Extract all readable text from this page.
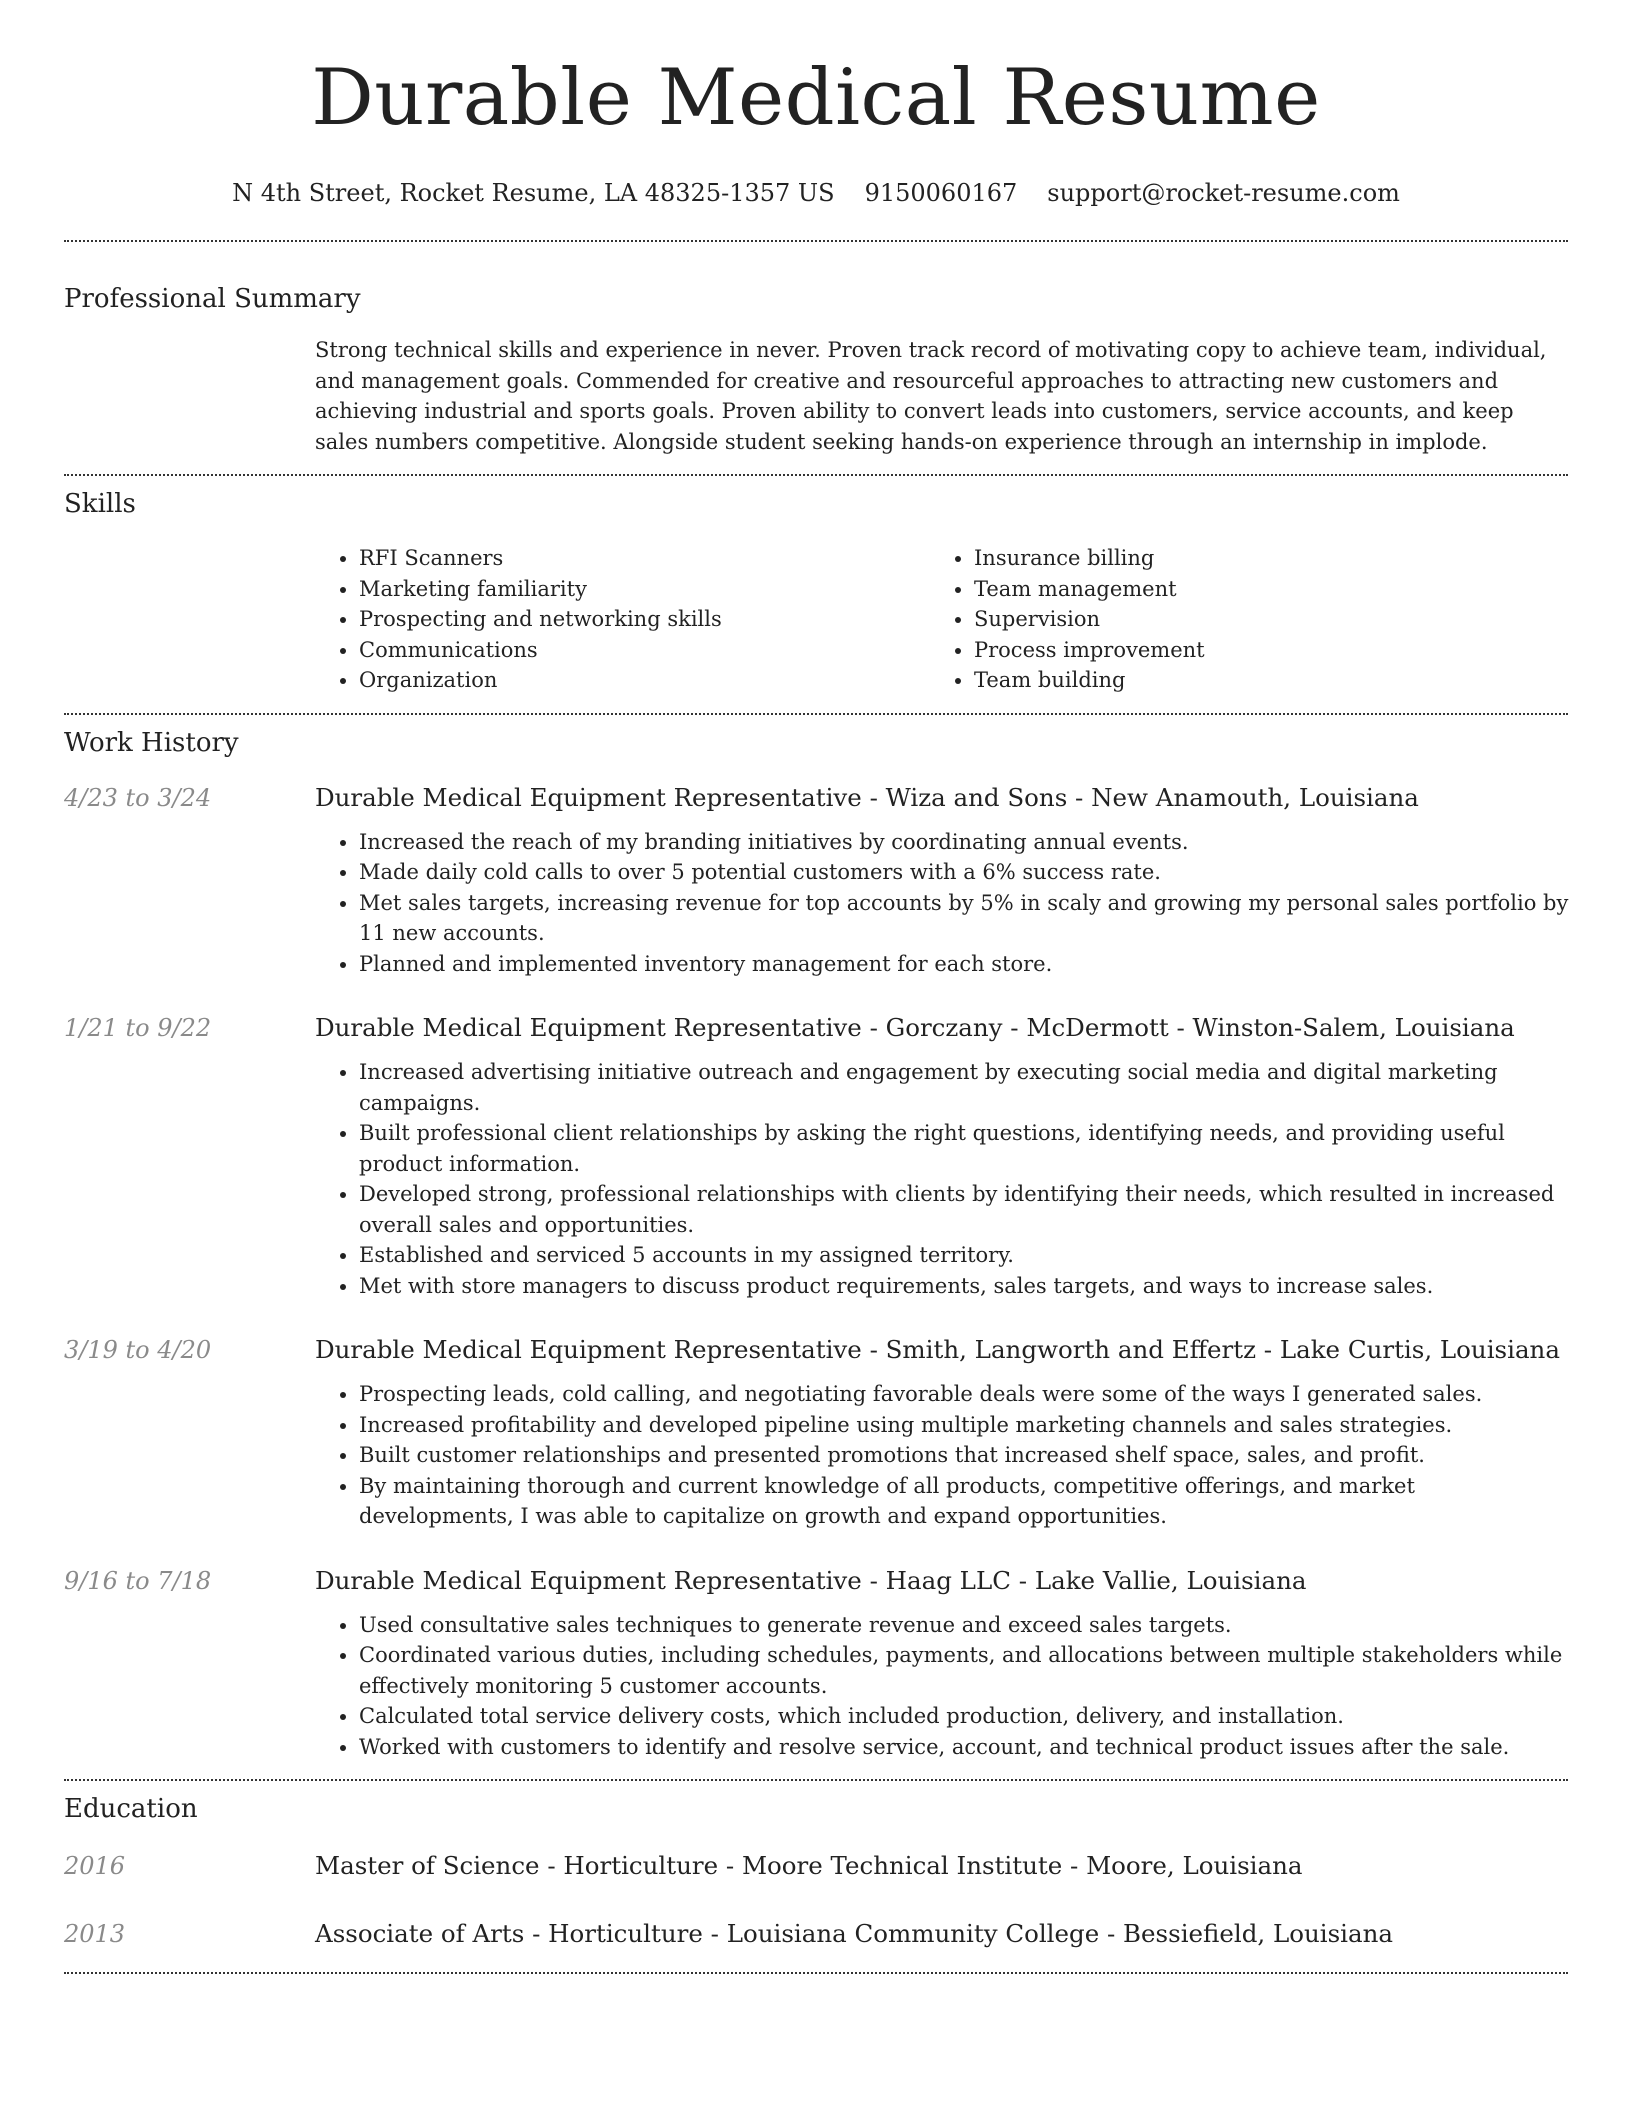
Durable Medical Resume
N 4th Street, Rocket Resume, LA 48325-1357 US 9150060167 support@rocket-resume.com
Professional Summary
Strong technical skills and experience in never. Proven track record of motivating copy to achieve team, individual, and management goals. Commended for creative and resourceful approaches to attracting new customers and achieving industrial and sports goals. Proven ability to convert leads into customers, service accounts, and keep sales numbers competitive. Alongside student seeking hands-on experience through an internship in implode.
Skills
• RFI Scanners
• Marketing familiarity
• Prospecting and networking skills
• Communications
• Organization
• Insurance billing
• Team management
• Supervision
• Process improvement
• Team building
Work History
4/23 to 3/24	Durable Medical Equipment Representative - Wiza and Sons - New Anamouth, Louisiana
• Increased the reach of my branding initiatives by coordinating annual events.
• Made daily cold calls to over 5 potential customers with a 6% success rate.
• Met sales targets, increasing revenue for top accounts by 5% in scaly and growing my personal sales portfolio by 11 new accounts.
• Planned and implemented inventory management for each store.
1/21 to 9/22	Durable Medical Equipment Representative - Gorczany - McDermott - Winston-Salem, Louisiana
• Increased advertising initiative outreach and engagement by executing social media and digital marketing campaigns.
• Built professional client relationships by asking the right questions, identifying needs, and providing useful product information.
• Developed strong, professional relationships with clients by identifying their needs, which resulted in increased overall sales and opportunities.
• Established and serviced 5 accounts in my assigned territory.
• Met with store managers to discuss product requirements, sales targets, and ways to increase sales.
3/19 to 4/20	Durable Medical Equipment Representative - Smith, Langworth and Effertz - Lake Curtis, Louisiana
• Prospecting leads, cold calling, and negotiating favorable deals were some of the ways I generated sales.
• Increased profitability and developed pipeline using multiple marketing channels and sales strategies.
• Built customer relationships and presented promotions that increased shelf space, sales, and profit.
• By maintaining thorough and current knowledge of all products, competitive offerings, and market developments, I was able to capitalize on growth and expand opportunities.
9/16 to 7/18	Durable Medical Equipment Representative - Haag LLC - Lake Vallie, Louisiana
• Used consultative sales techniques to generate revenue and exceed sales targets.
• Coordinated various duties, including schedules, payments, and allocations between multiple stakeholders while effectively monitoring 5 customer accounts.
• Calculated total service delivery costs, which included production, delivery, and installation.
• Worked with customers to identify and resolve service, account, and technical product issues after the sale.
Education
2016	Master of Science - Horticulture - Moore Technical Institute - Moore, Louisiana
2013	Associate of Arts - Horticulture - Louisiana Community College - Bessiefield, Louisiana
